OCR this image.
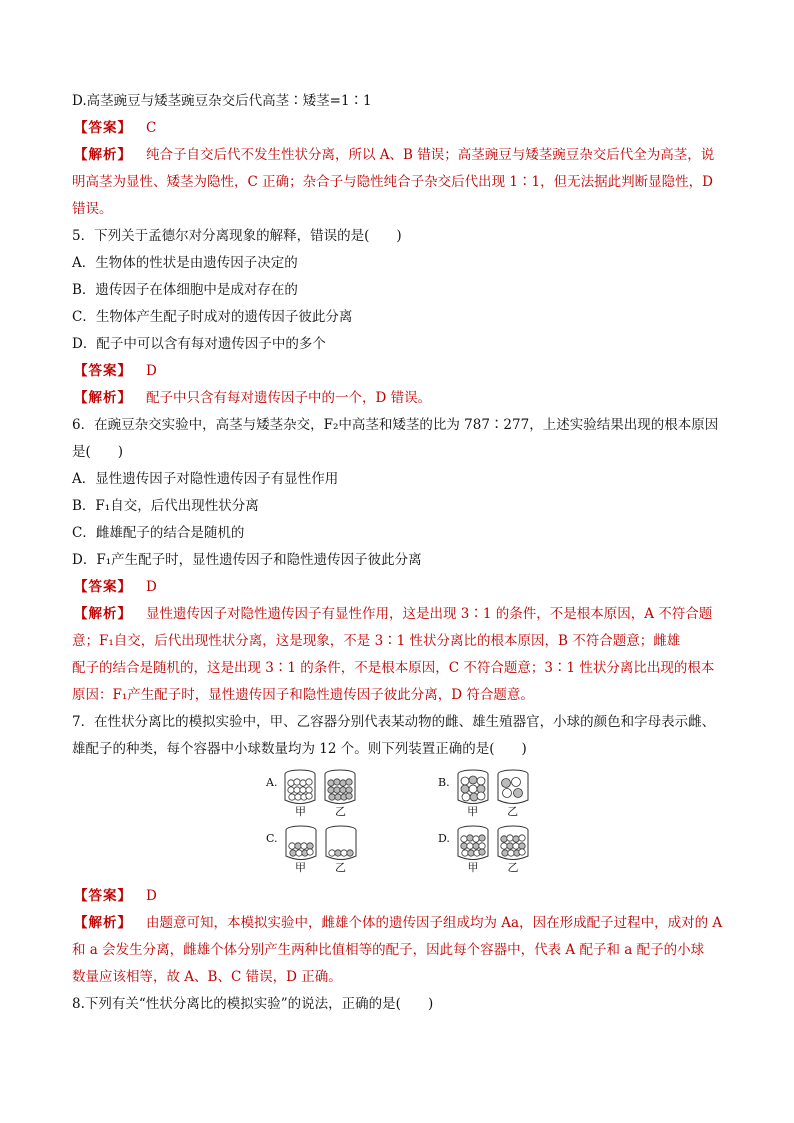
D.高茎豌豆与矮茎豌豆杂交后代高茎∶矮茎=1∶1
【答案】 C
【解析】 纯合子自交后代不发生性状分离，所以 A、B 错误；高茎豌豆与矮茎豌豆杂交后代全为高茎，说
明高茎为显性、矮茎为隐性，C 正确；杂合子与隐性纯合子杂交后代出现 1∶1，但无法据此判断显隐性，D
错误。
5．下列关于孟德尔对分离现象的解释，错误的是(　　)
A．生物体的性状是由遗传因子决定的
B．遗传因子在体细胞中是成对存在的
C．生物体产生配子时成对的遗传因子彼此分离
D．配子中可以含有每对遗传因子中的多个
【答案】 D
【解析】 配子中只含有每对遗传因子中的一个，D 错误。
6．在豌豆杂交实验中，高茎与矮茎杂交，F₂中高茎和矮茎的比为 787∶277，上述实验结果出现的根本原因
是(　　)
A．显性遗传因子对隐性遗传因子有显性作用
B．F₁自交，后代出现性状分离
C．雌雄配子的结合是随机的
D．F₁产生配子时，显性遗传因子和隐性遗传因子彼此分离
【答案】 D
【解析】 显性遗传因子对隐性遗传因子有显性作用，这是出现 3∶1 的条件，不是根本原因，A 不符合题
意；F₁自交，后代出现性状分离，这是现象，不是 3∶1 性状分离比的根本原因，B 不符合题意；雌雄
配子的结合是随机的，这是出现 3∶1 的条件，不是根本原因，C 不符合题意；3∶1 性状分离比出现的根本
原因：F₁产生配子时，显性遗传因子和隐性遗传因子彼此分离，D 符合题意。
7．在性状分离比的模拟实验中，甲、乙容器分别代表某动物的雌、雄生殖器官，小球的颜色和字母表示雌、
雄配子的种类，每个容器中小球数量均为 12 个。则下列装置正确的是(　　)
A.
甲	乙
B.
甲	乙
C.
甲	乙
D.
甲	乙
【答案】 D
【解析】 由题意可知，本模拟实验中，雌雄个体的遗传因子组成均为 Aa，因在形成配子过程中，成对的 A
和 a 会发生分离，雌雄个体分别产生两种比值相等的配子，因此每个容器中，代表 A 配子和 a 配子的小球
数量应该相等，故 A、B、C 错误，D 正确。
8.下列有关“性状分离比的模拟实验”的说法，正确的是(　　)
